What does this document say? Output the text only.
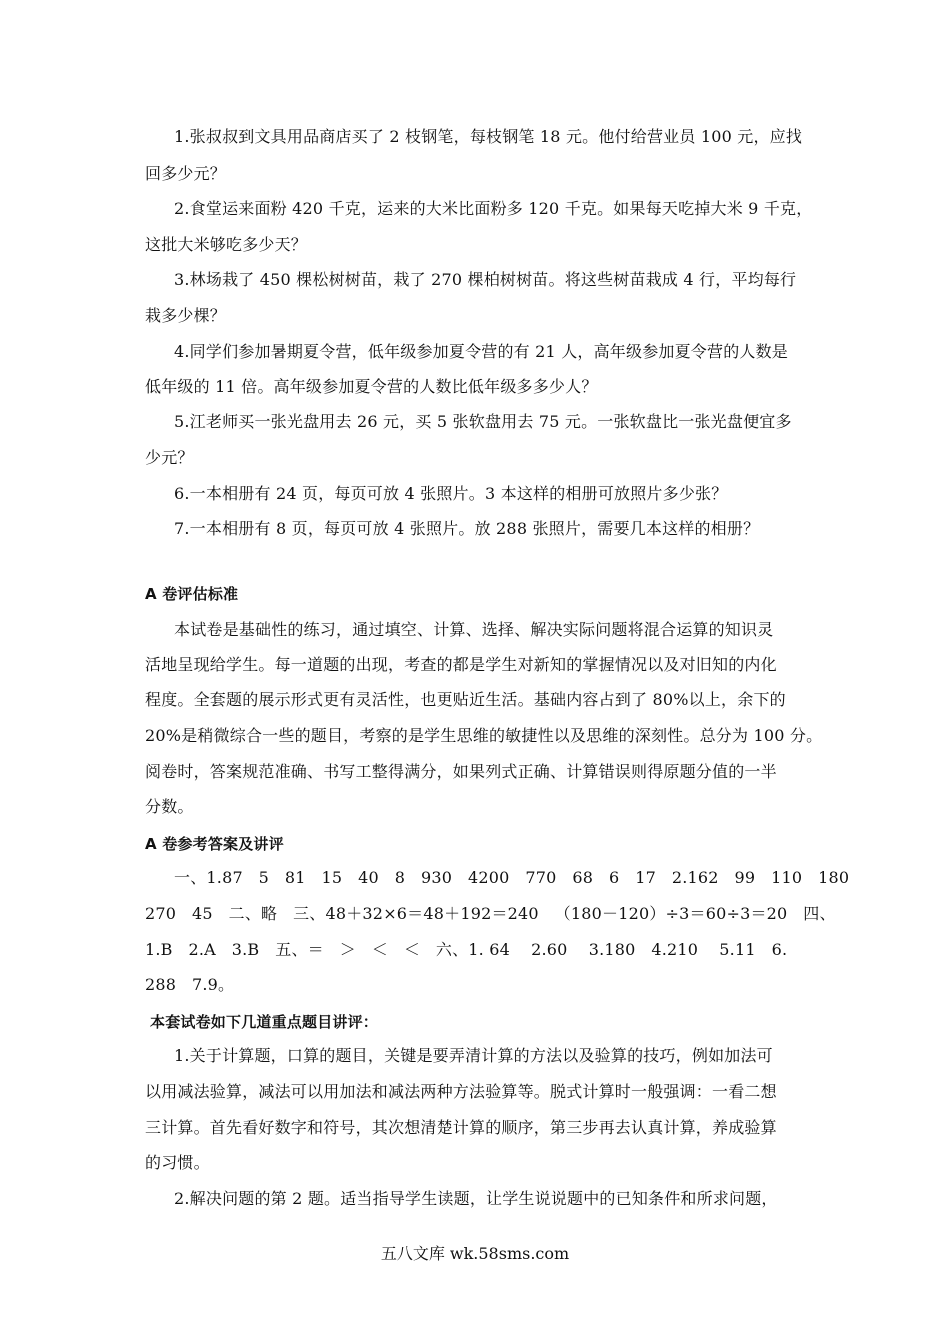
1.张叔叔到文具用品商店买了 2 枝钢笔，每枝钢笔 18 元。他付给营业员 100 元，应找
回多少元？
2.食堂运来面粉 420 千克，运来的大米比面粉多 120 千克。如果每天吃掉大米 9 千克，
这批大米够吃多少天？
3.林场栽了 450 棵松树树苗，栽了 270 棵柏树树苗。将这些树苗栽成 4 行，平均每行
栽多少棵？
4.同学们参加暑期夏令营，低年级参加夏令营的有 21 人，高年级参加夏令营的人数是
低年级的 11 倍。高年级参加夏令营的人数比低年级多多少人？
5.江老师买一张光盘用去 26 元，买 5 张软盘用去 75 元。一张软盘比一张光盘便宜多
少元？
6.一本相册有 24 页，每页可放 4 张照片。3 本这样的相册可放照片多少张？
7.一本相册有 8 页，每页可放 4 张照片。放 288 张照片，需要几本这样的相册？
A 卷评估标准
本试卷是基础性的练习，通过填空、计算、选择、解决实际问题将混合运算的知识灵
活地呈现给学生。每一道题的出现，考查的都是学生对新知的掌握情况以及对旧知的内化
程度。全套题的展示形式更有灵活性，也更贴近生活。基础内容占到了 80%以上，余下的
20%是稍微综合一些的题目，考察的是学生思维的敏捷性以及思维的深刻性。总分为 100 分。
阅卷时，答案规范准确、书写工整得满分，如果列式正确、计算错误则得原题分值的一半
分数。
A 卷参考答案及讲评
一、1.87   5   81   15   40   8   930   4200   770   68   6   17   2.162   99   110   180
270   45   二、略   三、48＋32×6＝48＋192＝240   （180－120）÷3＝60÷3＝20   四、
1.B   2.A   3.B   五、＝   ＞   ＜   ＜   六、1. 64    2.60    3.180   4.210    5.11   6.
288   7.9。
本套试卷如下几道重点题目讲评：
1.关于计算题，口算的题目，关键是要弄清计算的方法以及验算的技巧，例如加法可
以用减法验算，减法可以用加法和减法两种方法验算等。脱式计算时一般强调：一看二想
三计算。首先看好数字和符号，其次想清楚计算的顺序，第三步再去认真计算，养成验算
的习惯。
2.解决问题的第 2 题。适当指导学生读题，让学生说说题中的已知条件和所求问题，
五八文库 wk.58sms.com
